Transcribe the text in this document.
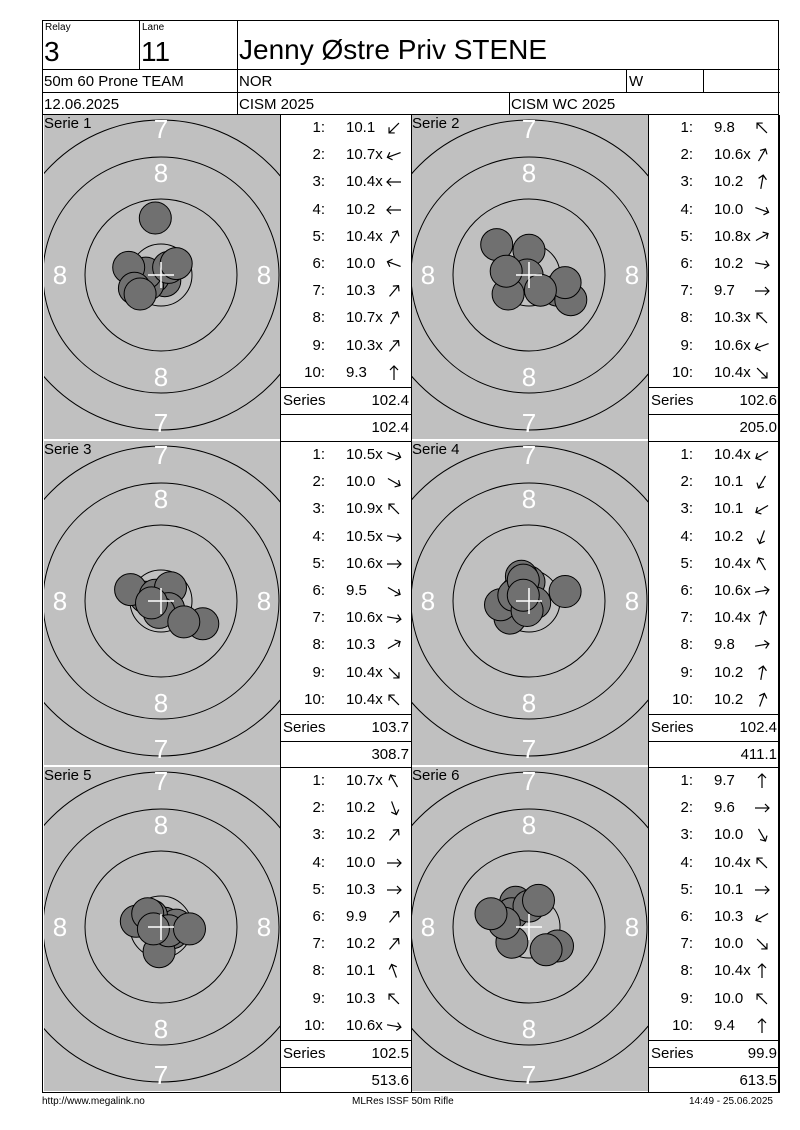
Relay
3
Lane
11 Jenny Østre Priv STENE
50m 60 Prone TEAM	NOR	W
12.06.2025	CISM 2025	CISM WC 2025
7
7
8
8
8	8
Serie 1	1: 10.1
2: 10.7x
3: 10.4x
4: 10.2
5: 10.4x
6: 10.0
7: 10.3
8: 10.7x
9: 10.3x
10: 9.3
Series	102.4
102.4
7
7
8
8
8	8
Serie 2	1: 9.8
2: 10.6x
3: 10.2
4: 10.0
5: 10.8x
6: 10.2
7: 9.7
8: 10.3x
9: 10.6x
10: 10.4x
Series	102.6
205.0
7
7
8
8
8	8
Serie 3	1: 10.5x
2: 10.0
3: 10.9x
4: 10.5x
5: 10.6x
6: 9.5
7: 10.6x
8: 10.3
9: 10.4x
10: 10.4x
Series	103.7
308.7
7
7
8
8
8	8
Serie 4	1: 10.4x
2: 10.1
3: 10.1
4: 10.2
5: 10.4x
6: 10.6x
7: 10.4x
8: 9.8
9: 10.2
10: 10.2
Series	102.4
411.1
7
7
8
8
8	8
Serie 5	1: 10.7x
2: 10.2
3: 10.2
4: 10.0
5: 10.3
6: 9.9
7: 10.2
8: 10.1
9: 10.3
10: 10.6x
Series	102.5
513.6
7
7
8
8
8	8
Serie 6	1: 9.7
2: 9.6
3: 10.0
4: 10.4x
5: 10.1
6: 10.3
7: 10.0
8: 10.4x
9: 10.0
10: 9.4
Series	99.9
613.5
http://www.megalink.no	MLRes ISSF 50m Rifle	14:49 - 25.06.2025
